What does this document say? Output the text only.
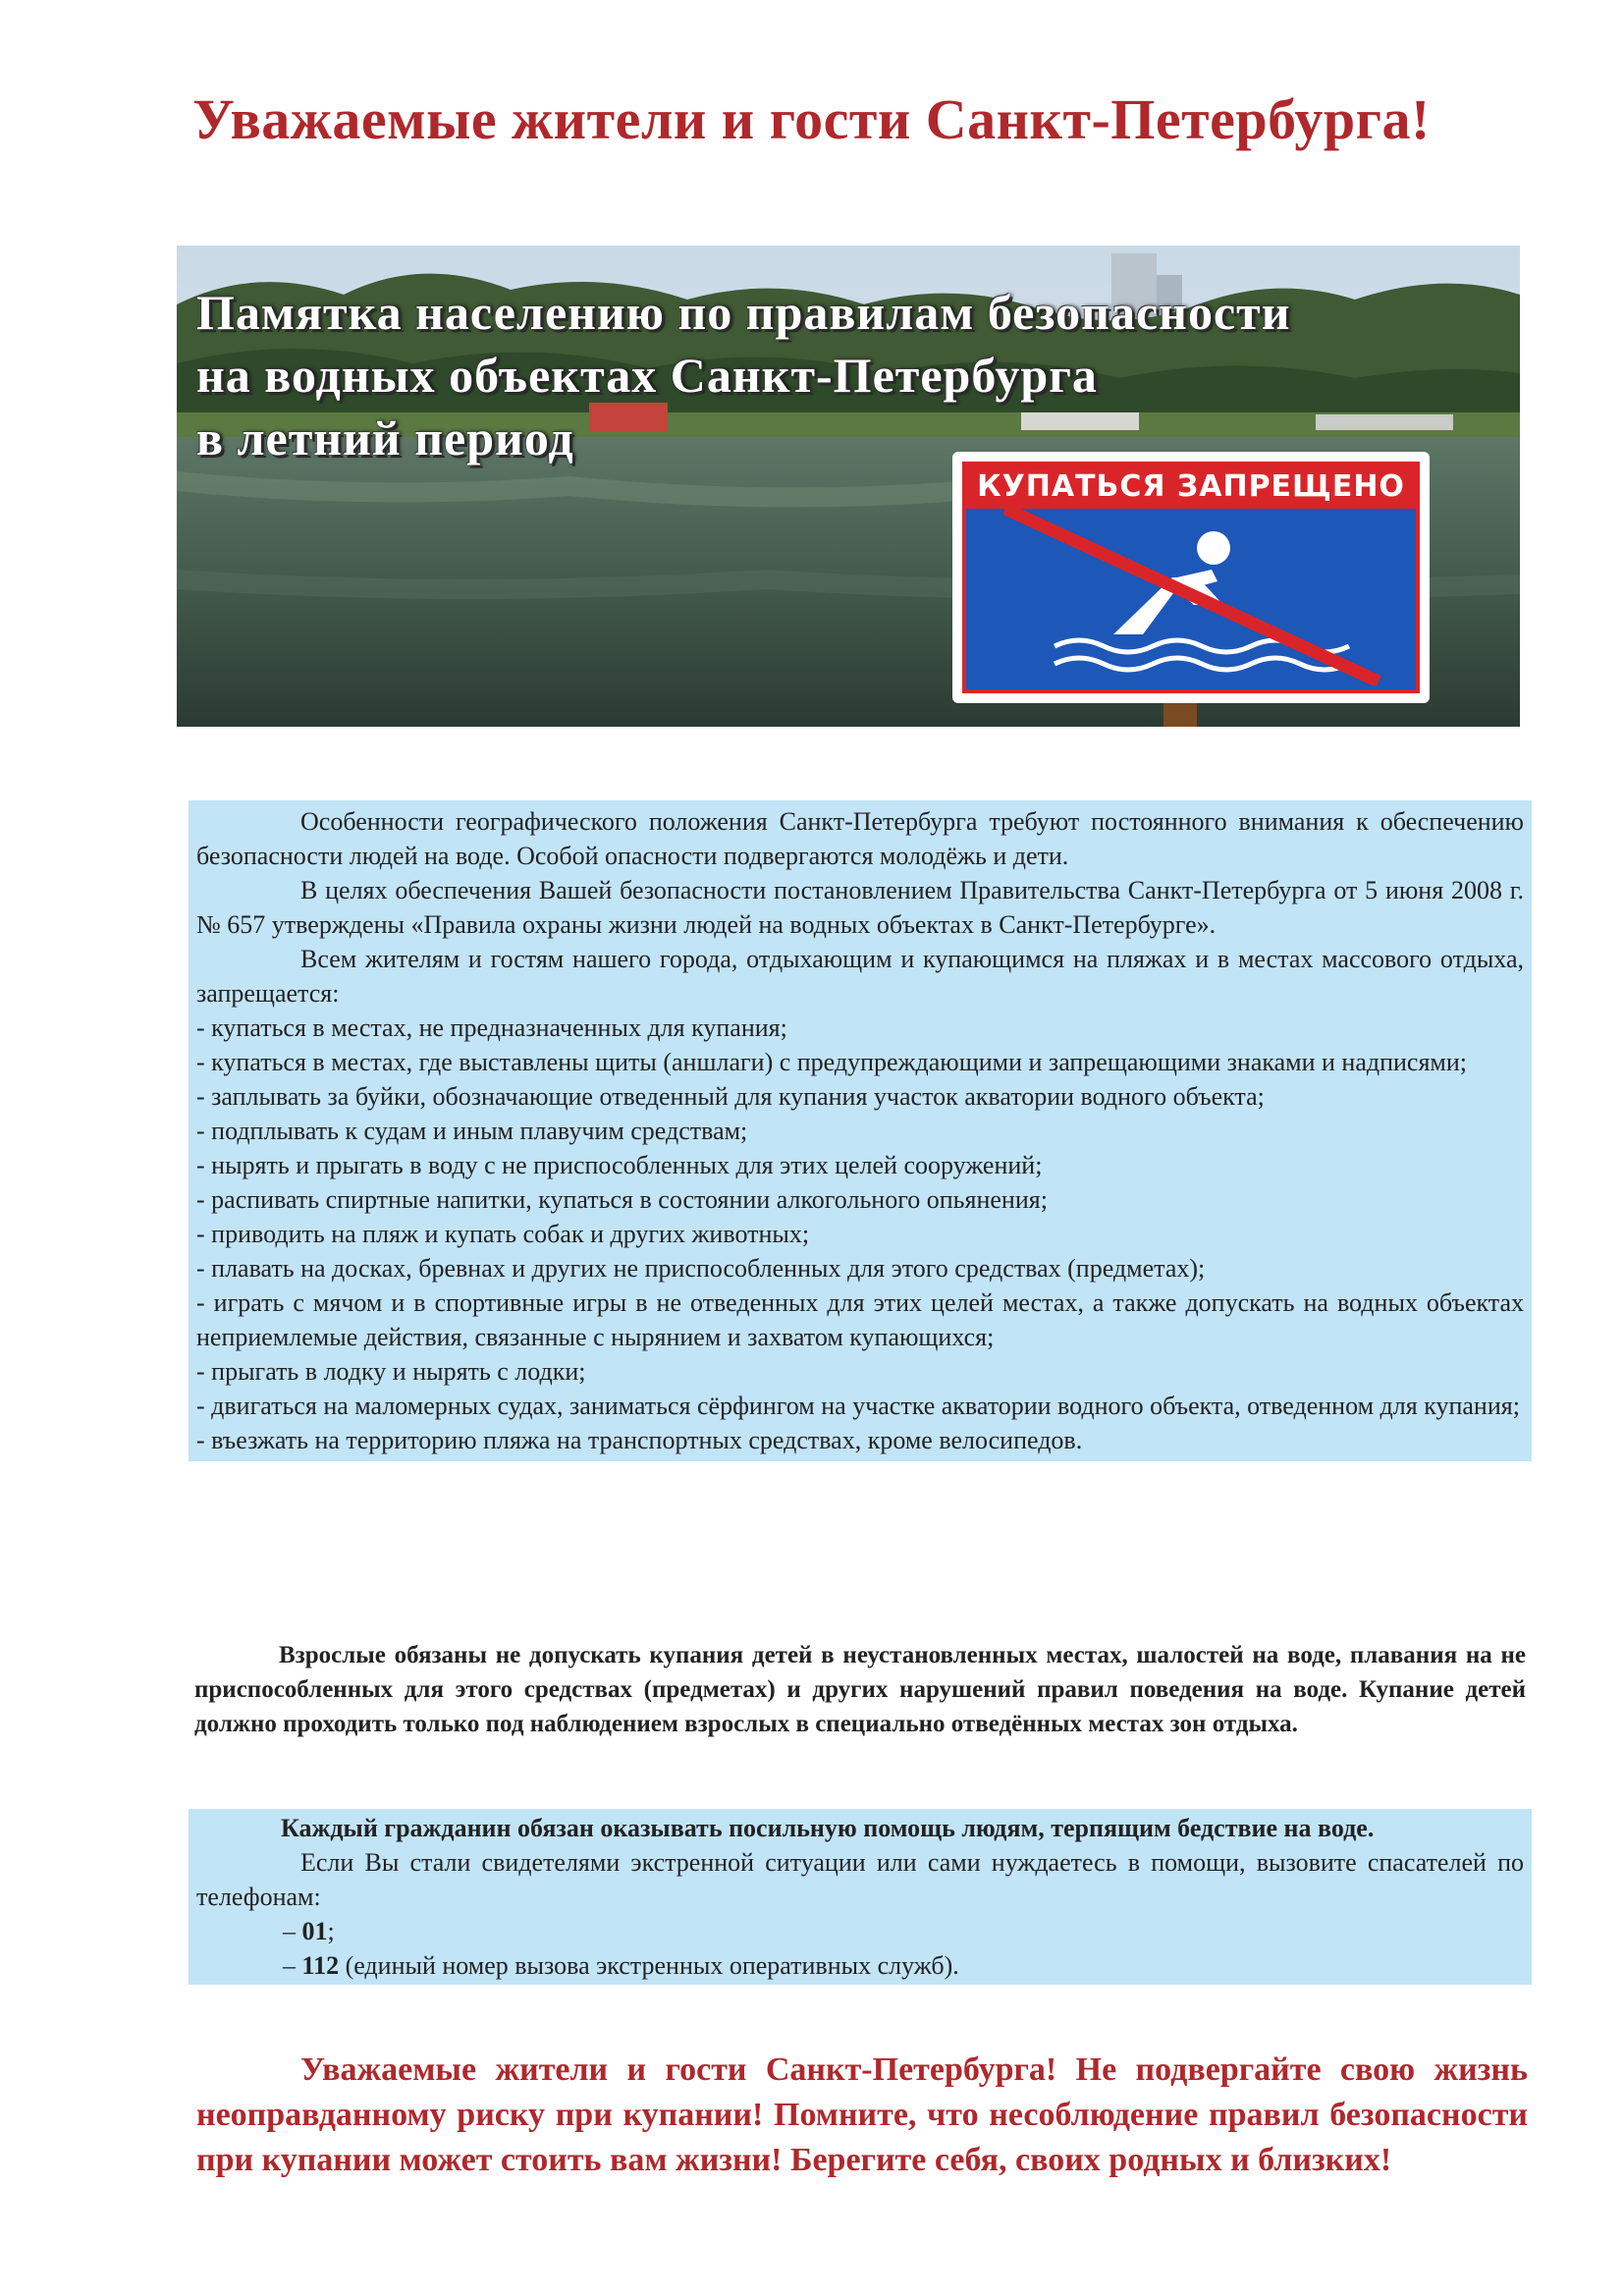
Уважаемые жители и гости Санкт-Петербурга!
Памятка населению по правилам безопасности
на водных объектах Санкт-Петербурга
в летний период
КУПАТЬСЯ ЗАПРЕЩЕНО

Особенности географического положения Санкт-Петербурга требуют постоянного внимания к обеспечению безопасности людей на воде. Особой опасности подвергаются молодёжь и дети.

В целях обеспечения Вашей безопасности постановлением Правительства Санкт-Петербурга от 5 июня 2008 г. № 657 утверждены «Правила охраны жизни людей на водных объектах в Санкт-Петербурге».

Всем жителям и гостям нашего города, отдыхающим и купающимся на пляжах и в местах массового отдыха, запрещается:

- купаться в местах, не предназначенных для купания;

- купаться в местах, где выставлены щиты (аншлаги) с предупреждающими и запрещающими знаками и надписями;

- заплывать за буйки, обозначающие отведенный для купания участок акватории водного объекта;

- подплывать к судам и иным плавучим средствам;

- нырять и прыгать в воду с не приспособленных для этих целей сооружений;

- распивать спиртные напитки, купаться в состоянии алкогольного опьянения;

- приводить на пляж и купать собак и других животных;

- плавать на досках, бревнах и других не приспособленных для этого средствах (предметах);

- играть с мячом и в спортивные игры в не отведенных для этих целей местах, а также допускать на водных объектах неприемлемые действия, связанные с нырянием и захватом купающихся;

- прыгать в лодку и нырять с лодки;

- двигаться на маломерных судах, заниматься сёрфингом на участке акватории водного объекта, отведенном для купания;

- въезжать на территорию пляжа на транспортных средствах, кроме велосипедов.

Взрослые обязаны не допускать купания детей в неустановленных местах, шалостей на воде, плавания на не приспособленных для этого средствах (предметах) и других нарушений правил поведения на воде. Купание детей должно проходить только под наблюдением взрослых в специально отведённых местах зон отдыха.

Каждый гражданин обязан оказывать посильную помощь людям, терпящим бедствие на воде.

Если Вы стали свидетелями экстренной ситуации или сами нуждаетесь в помощи, вызовите спасателей по телефонам:

– 01;
– 112 (единый номер вызова экстренных оперативных служб).

Уважаемые жители и гости Санкт-Петербурга! Не подвергайте свою жизнь неоправданному риску при купании! Помните, что несоблюдение правил безопасности при купании может стоить вам жизни! Берегите себя, своих родных и близких!
